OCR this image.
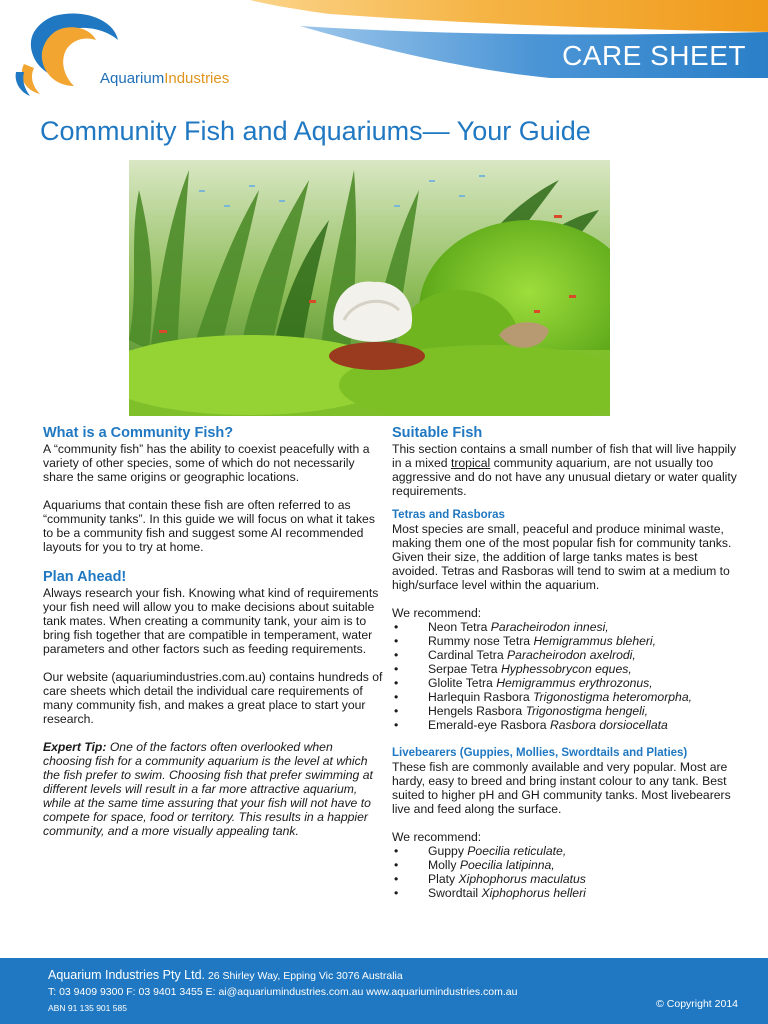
AquariumIndustries
CARE SHEET
Community Fish and Aquariums— Your Guide
What is a Community Fish?

A “community fish” has the ability to coexist peacefully with a variety of other species, some of which do not necessarily share the same origins or geographic locations.

Aquariums that contain these fish are often referred to as “community tanks”. In this guide we will focus on what it takes to be a community fish and suggest some AI recommended layouts for you to try at home.

Plan Ahead!

Always research your fish. Knowing what kind of requirements your fish need will allow you to make decisions about suitable tank mates. When creating a community tank, your aim is to bring fish together that are compatible in temperament, water parameters and other factors such as feeding requirements.

Our website (aquariumindustries.com.au) contains hundreds of care sheets which detail the individual care requirements of many community fish, and makes a great place to start your research.

Expert Tip: One of the factors often overlooked when choosing fish for a community aquarium is the level at which the fish prefer to swim. Choosing fish that prefer swimming at different levels will result in a far more attractive aquarium, while at the same time assuring that your fish will not have to compete for space, food or territory. This results in a happier community, and a more visually appealing tank.

Suitable Fish

This section contains a small number of fish that will live happily in a mixed tropical community aquarium, are not usually too aggressive and do not have any unusual dietary or water quality requirements.

Tetras and Rasboras

Most species are small, peaceful and produce minimal waste, making them one of the most popular fish for community tanks. Given their size, the addition of large tanks mates is best avoided. Tetras and Rasboras will tend to swim at a medium to high/surface level within the aquarium.

We recommend:

• Neon Tetra Paracheirodon innesi,
• Rummy nose Tetra Hemigrammus bleheri,
• Cardinal Tetra Paracheirodon axelrodi,
• Serpae Tetra Hyphessobrycon eques,
• Glolite Tetra Hemigrammus erythrozonus,
• Harlequin Rasbora Trigonostigma heteromorpha,
• Hengels Rasbora Trigonostigma hengeli,
• Emerald-eye Rasbora Rasbora dorsiocellata
Livebearers (Guppies, Mollies, Swordtails and Platies)

These fish are commonly available and very popular. Most are hardy, easy to breed and bring instant colour to any tank. Best suited to higher pH and GH community tanks. Most livebearers live and feed along the surface.

We recommend:

• Guppy Poecilia reticulate,
• Molly Poecilia latipinna,
• Platy Xiphophorus maculatus
• Swordtail Xiphophorus helleri
Aquarium Industries Pty Ltd. 26 Shirley Way, Epping Vic 3076 Australia
T: 03 9409 9300 F: 03 9401 3455 E: ai@aquariumindustries.com.au www.aquariumindustries.com.au
ABN 91 135 901 585	© Copyright 2014
